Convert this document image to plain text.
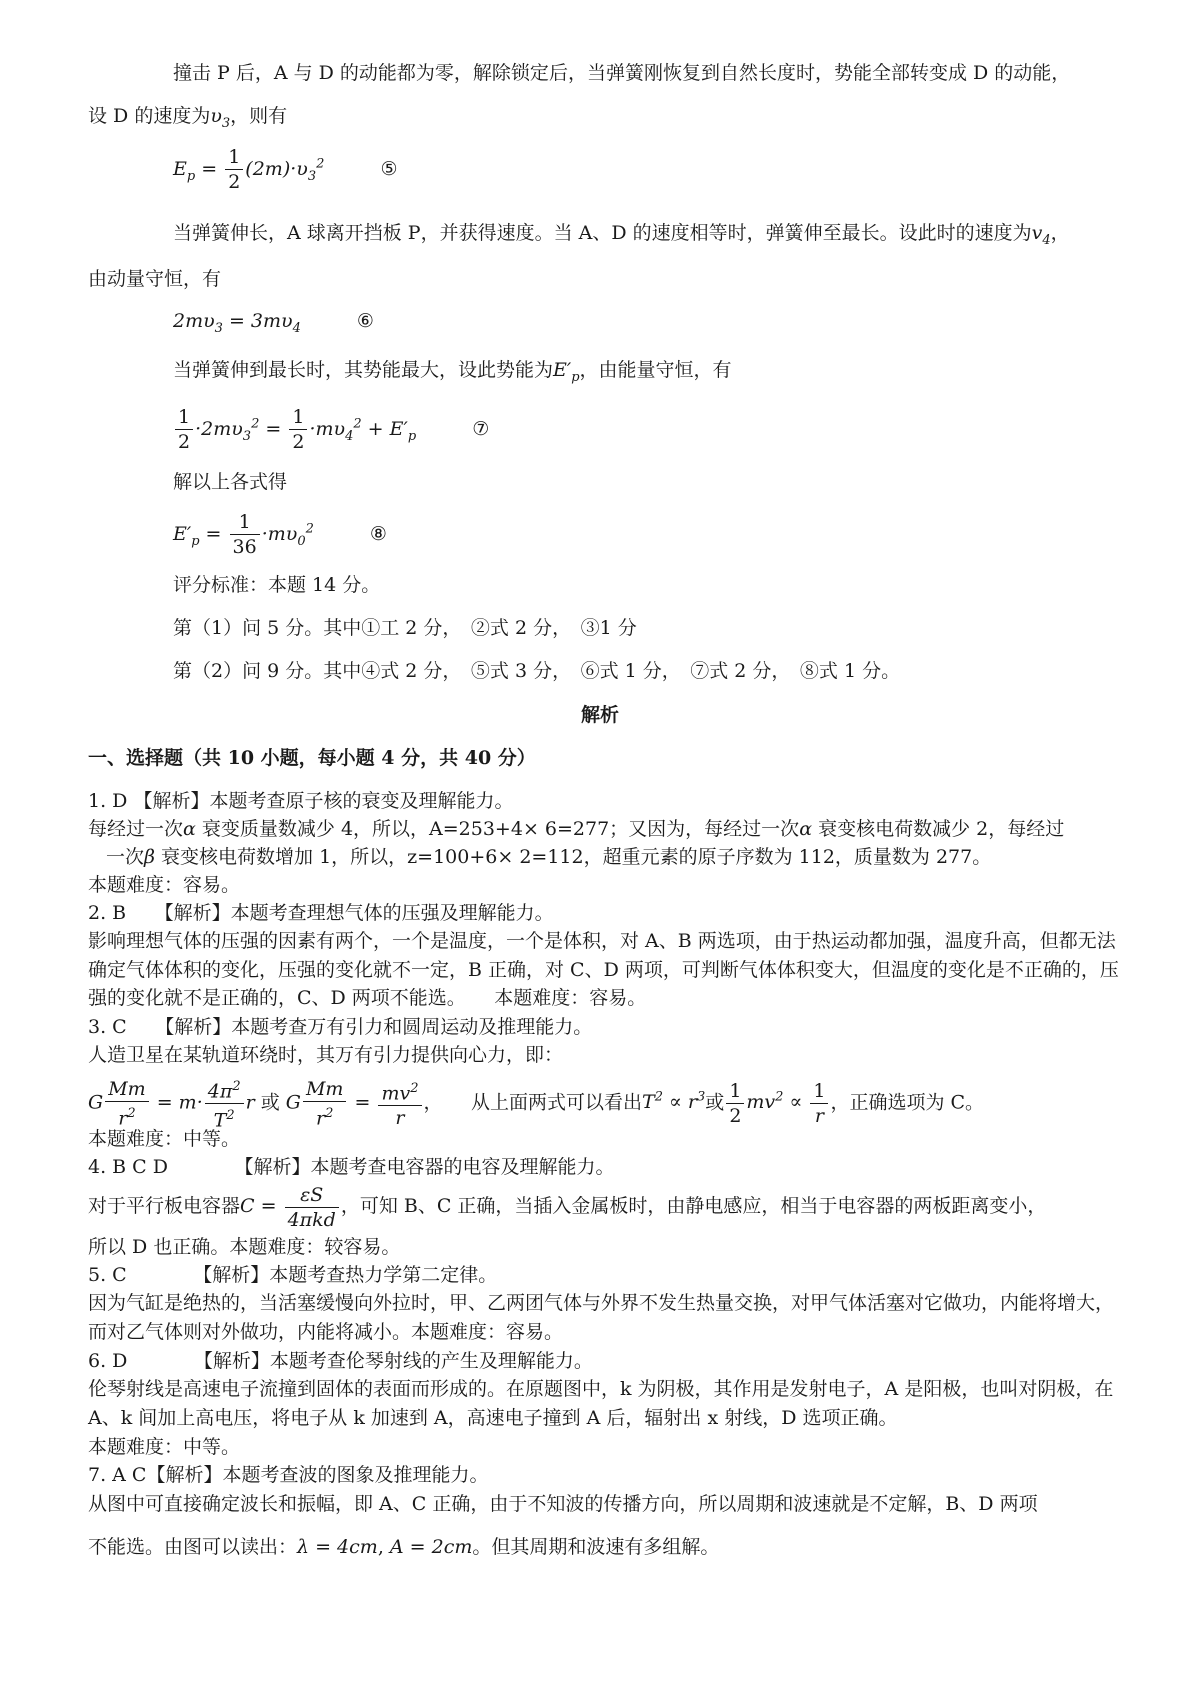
撞击 P 后，A 与 D 的动能都为零，解除锁定后，当弹簧刚恢复到自然长度时，势能全部转变成 D 的动能，
设 D 的速度为$\upsilon_3$，则有
$E_p = \frac{1}{2} (2m)\cdot\upsilon_3^2$	⑤
当弹簧伸长，A 球离开挡板 P，并获得速度。当 A、D 的速度相等时，弹簧伸至最长。设此时的速度为$v_4$，
由动量守恒，有
$2m\upsilon_3 = 3m\upsilon_4$	⑥
当弹簧伸到最长时，其势能最大，设此势能为$E'_p$，由能量守恒，有
$\frac{1}{2} \cdot 2m\upsilon_3^2 = \frac{1}{2} \cdot m\upsilon_4^2 + E'_p$	⑦
解以上各式得
$E'_p = \frac{1}{36} \cdot m\upsilon_0^2$	⑧
评分标准：本题 14 分。
第（1）问 5 分。其中①工 2 分，　②式 2 分，　③1 分
第（2）问 9 分。其中④式 2 分，　⑤式 3 分，　⑥式 1 分，　⑦式 2 分，　⑧式 1 分。
解析
一、选择题（共 10 小题，每小题 4 分，共 40 分）
1. D 【解析】本题考查原子核的衰变及理解能力。
每经过一次α 衰变质量数减少 4，所以，A=253+4× 6=277；又因为，每经过一次α 衰变核电荷数减少 2，每经过
一次β 衰变核电荷数增加 1，所以，z=100+6× 2=112，超重元素的原子序数为 112，质量数为 277。
本题难度：容易。
2. B　　【解析】本题考查理想气体的压强及理解能力。
影响理想气体的压强的因素有两个，一个是温度，一个是体积，对 A、B 两选项，由于热运动都加强，温度升高，但都无法确定气体体积的变化，压强的变化就不一定，B 正确，对 C、D 两项，可判断气体体积变大，但温度的变化是不正确的，压强的变化就不是正确的，C、D 两项不能选。　　本题难度：容易。
3. C　　【解析】本题考查万有引力和圆周运动及推理能力。
人造卫星在某轨道环绕时，其万有引力提供向心力，即：
G $\frac{Mm}{r^2} = m\cdot \frac{4\pi^2}{T^2}$ r 或 G $\frac{Mm}{r^2} = \frac{mv^2}{r}$ ，　　从上面两式可以看出$T^2 \propto r^3$或 $\frac{1}{2} mv^2 \propto \frac{1}{r}$ ，正确选项为 C。
本题难度：中等。
4. B C D　　　　【解析】本题考查电容器的电容及理解能力。
对于平行板电容器$C = \frac{\varepsilon S}{\text{4πkd}}$ ，可知 B、C 正确，当插入金属板时，由静电感应，相当于电容器的两板距离变小，
所以 D 也正确。本题难度：较容易。
5. C　　　　【解析】本题考查热力学第二定律。
因为气缸是绝热的，当活塞缓慢向外拉时，甲、乙两团气体与外界不发生热量交换，对甲气体活塞对它做功，内能将增大，而对乙气体则对外做功，内能将减小。本题难度：容易。
6. D　　　　【解析】本题考查伦琴射线的产生及理解能力。
伦琴射线是高速电子流撞到固体的表面而形成的。在原题图中，k 为阴极，其作用是发射电子，A 是阳极，也叫对阴极，在 A、k 间加上高电压，将电子从 k 加速到 A，高速电子撞到 A 后，辐射出 x 射线，D 选项正确。
本题难度：中等。
7. A C【解析】本题考查波的图象及推理能力。
从图中可直接确定波长和振幅，即 A、C 正确，由于不知波的传播方向，所以周期和波速就是不定解，B、D 两项
不能选。由图可以读出：λ = 4cm, A = 2cm。但其周期和波速有多组解。
